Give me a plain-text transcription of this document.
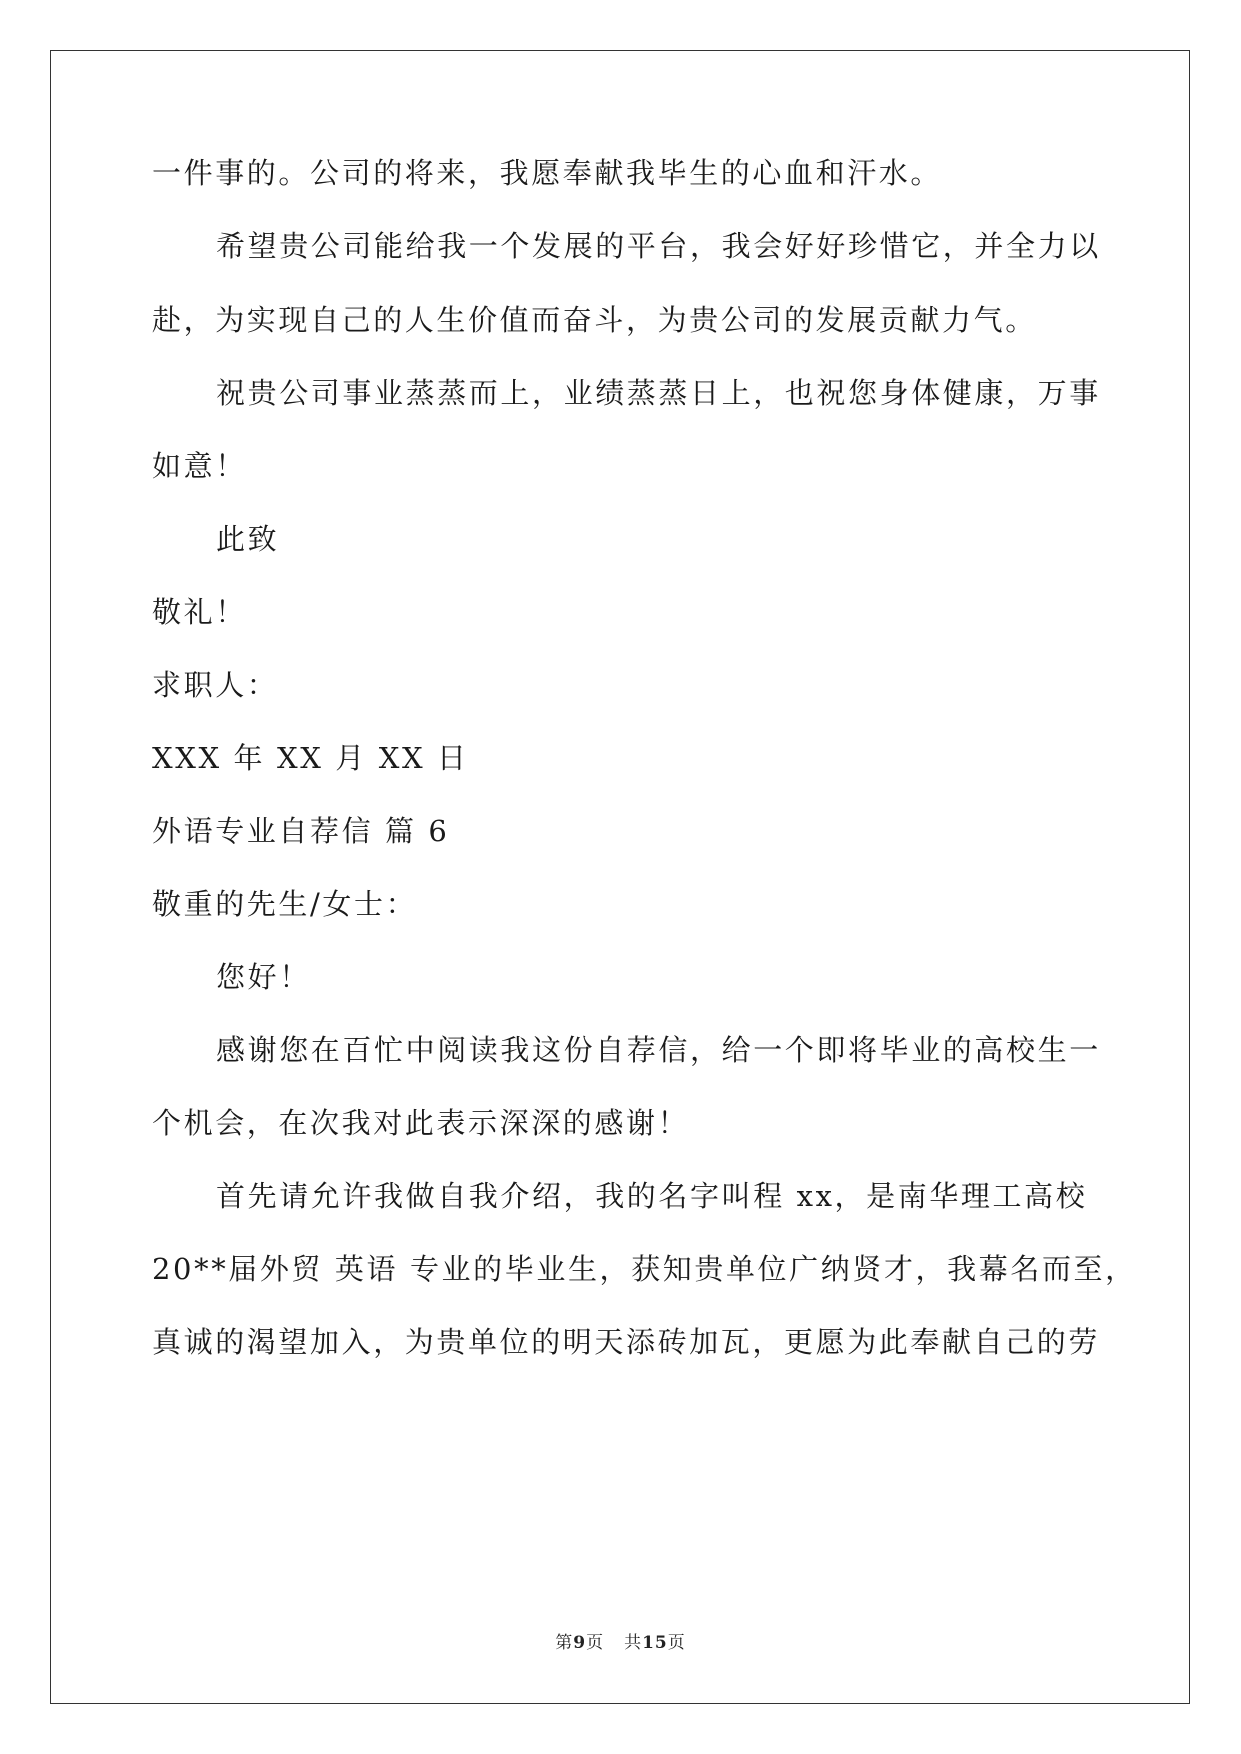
一件事的。公司的将来，我愿奉献我毕生的心血和汗水。
希望贵公司能给我一个发展的平台，我会好好珍惜它，并全力以
赴，为实现自己的人生价值而奋斗，为贵公司的发展贡献力气。
祝贵公司事业蒸蒸而上，业绩蒸蒸日上，也祝您身体健康，万事
如意！
此致
敬礼！
求职人：
XXX 年 XX 月 XX 日
外语专业自荐信 篇 6
敬重的先生/女士：
您好！
感谢您在百忙中阅读我这份自荐信，给一个即将毕业的高校生一
个机会，在次我对此表示深深的感谢！
首先请允许我做自我介绍，我的名字叫程 xx，是南华理工高校
20**届外贸 英语 专业的毕业生，获知贵单位广纳贤才，我幕名而至，
真诚的渴望加入，为贵单位的明天添砖加瓦，更愿为此奉献自己的劳
第9页 共15页
